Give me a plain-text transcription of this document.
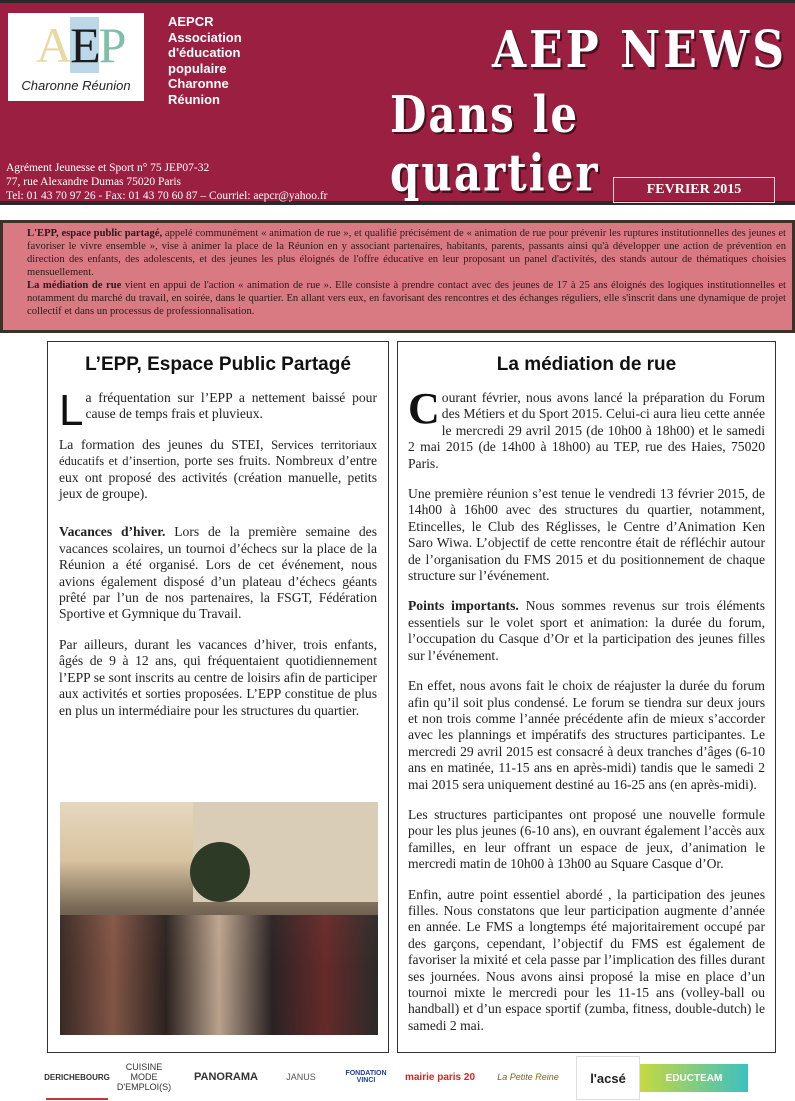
AEP
Charonne Réunion
AEPCR
Association
d'éducation
populaire
Charonne
Réunion
AEP NEWS
Dans le quartier
Agrément Jeunesse et Sport n° 75 JEP07-32
77, rue Alexandre Dumas 75020 Paris
Tel: 01 43 70 97 26 - Fax: 01 43 70 60 87 – Courriel: aepcr@yahoo.fr	FEVRIER 2015

L'EPP, espace public partagé, appelé communément « animation de rue », et qualifié précisément de « animation de rue pour prévenir les ruptures institutionnelles des jeunes et favoriser le vivre ensemble », vise à animer la place de la Réunion en y associant partenaires, habitants, parents, passants ainsi qu'à développer une action de prévention en direction des enfants, des adolescents, et des jeunes les plus éloignés de l'offre éducative en leur proposant un panel d'activités, des stands autour de thématiques choisies mensuellement.

La médiation de rue vient en appui de l'action « animation de rue ». Elle consiste à prendre contact avec des jeunes de 17 à 25 ans éloignés des logiques institutionnelles et notamment du marché du travail, en soirée, dans le quartier. En allant vers eux, en favorisant des rencontres et des échanges réguliers, elle s'inscrit dans une dynamique de projet collectif et dans un processus de professionnalisation.

L’EPP, Espace Public Partagé

La fréquentation sur l’EPP a nettement baissé pour cause de temps frais et pluvieux.

La formation des jeunes du STEI, Services territoriaux éducatifs et d’insertion, porte ses fruits. Nombreux d’entre eux ont proposé des activités (création manuelle, petits jeux de groupe).

Vacances d’hiver. Lors de la première semaine des vacances scolaires, un tournoi d’échecs sur la place de la Réunion a été organisé. Lors de cet événement, nous avions également disposé d’un plateau d’échecs géants prêté par l’un de nos partenaires, la FSGT, Fédération Sportive et Gymnique du Travail.

Par ailleurs, durant les vacances d’hiver, trois enfants, âgés de 9 à 12 ans, qui fréquentaient quotidiennement l’EPP se sont inscrits au centre de loisirs afin de participer aux activités et sorties proposées. L’EPP constitue de plus en plus un intermédiaire pour les structures du quartier.

La médiation de rue

Courant février, nous avons lancé la préparation du Forum des Métiers et du Sport 2015. Celui-ci aura lieu cette année le mercredi 29 avril 2015 (de 10h00 à 18h00) et le samedi 2 mai 2015 (de 14h00 à 18h00) au TEP, rue des Haies, 75020 Paris.

Une première réunion s’est tenue le vendredi 13 février 2015, de 14h00 à 16h00 avec des structures du quartier, notamment, Etincelles, le Club des Réglisses, le Centre d’Animation Ken Saro Wiwa. L’objectif de cette rencontre était de réfléchir autour de l’organisation du FMS 2015 et du positionnement de chaque structure sur l’événement.

Points importants. Nous sommes revenus sur trois éléments essentiels sur le volet sport et animation: la durée du forum, l’occupation du Casque d’Or et la participation des jeunes filles sur l’événement.

En effet, nous avons fait le choix de réajuster la durée du forum afin qu’il soit plus condensé. Le forum se tiendra sur deux jours et non trois comme l’année précédente afin de mieux s’accorder avec les plannings et impératifs des structures participantes. Le mercredi 29 avril 2015 est consacré à deux tranches d’âges (6-10 ans en matinée, 11-15 ans en après-midi) tandis que le samedi 2 mai 2015 sera uniquement destiné au 16-25 ans (en après-midi).

Les structures participantes ont proposé une nouvelle formule pour les plus jeunes (6-10 ans), en ouvrant également l’accès aux familles, en leur offrant un espace de jeux, d’animation le mercredi matin de 10h00 à 13h00 au Square Casque d’Or.

Enfin, autre point essentiel abordé , la participation des jeunes filles. Nous constatons que leur participation augmente d’année en année. Le FMS a longtemps été majoritairement occupé par des garçons, cependant, l’objectif du FMS est également de favoriser la mixité et cela passe par l’implication des filles durant ses journées. Nous avons ainsi proposé la mise en place d’un tournoi mixte le mercredi pour les 11-15 ans (volley-ball ou handball) et d’un espace sportif (zumba, fitness, double-dutch) le samedi 2 mai.

DERICHEBOURG
CUISINE MODE D'EMPLOI(S)
PANORAMA	JANUS	FONDATION VINCI	mairie paris 20	La Petite Reine	l'acsé	EDUCTEAM
